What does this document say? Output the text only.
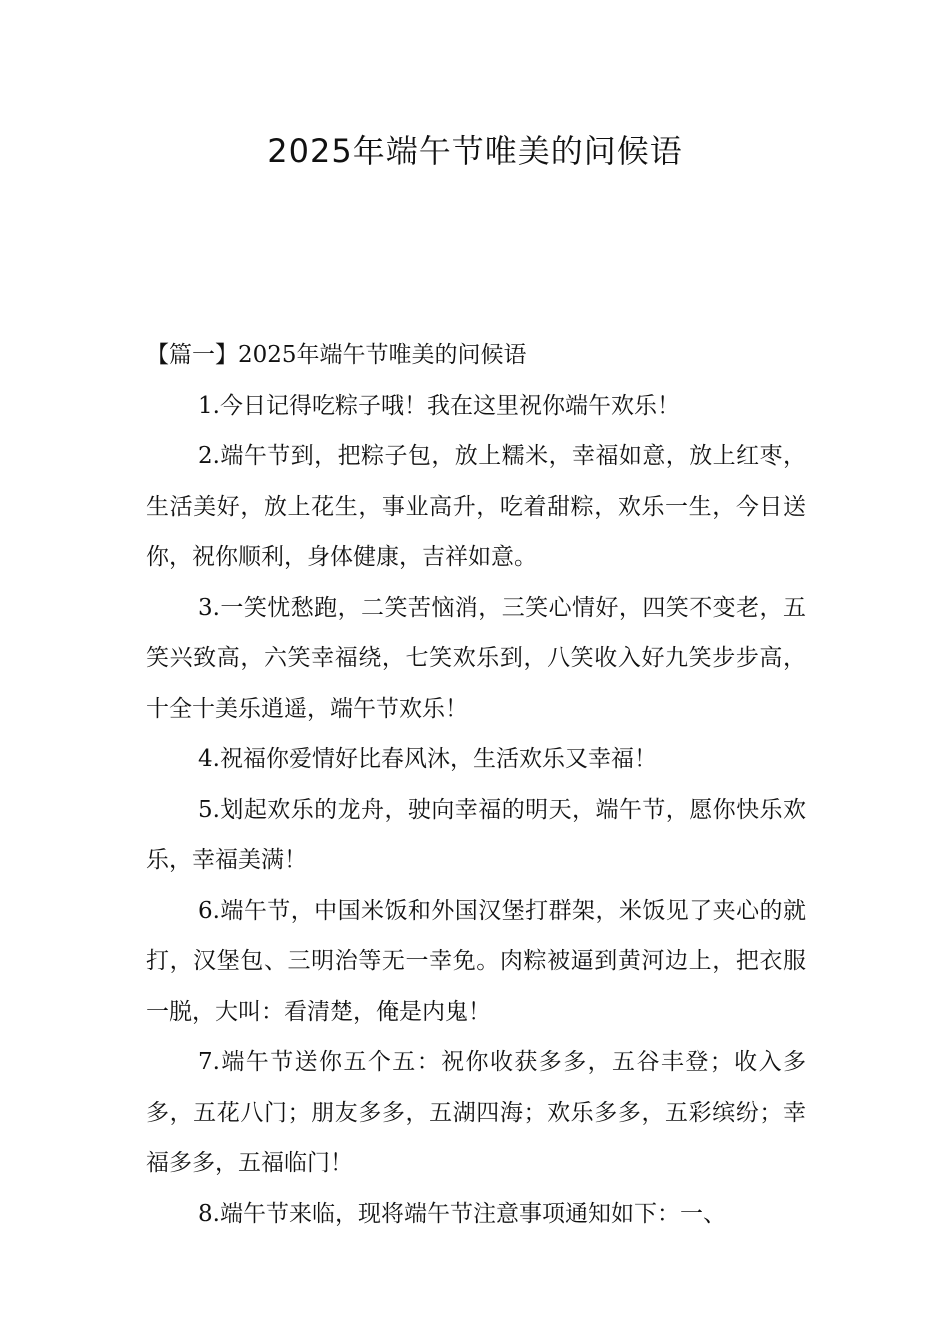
2025年端午节唯美的问候语

【篇一】2025年端午节唯美的问候语

1.今日记得吃粽子哦！我在这里祝你端午欢乐！

2.端午节到，把粽子包，放上糯米，幸福如意，放上红枣，生活美好，放上花生，事业高升，吃着甜粽，欢乐一生，今日送你，祝你顺利，身体健康，吉祥如意。

3.一笑忧愁跑，二笑苦恼消，三笑心情好，四笑不变老，五笑兴致高，六笑幸福绕，七笑欢乐到，八笑收入好九笑步步高，十全十美乐逍遥，端午节欢乐！

4.祝福你爱情好比春风沐，生活欢乐又幸福！

5.划起欢乐的龙舟，驶向幸福的明天，端午节，愿你快乐欢乐，幸福美满！

6.端午节，中国米饭和外国汉堡打群架，米饭见了夹心的就打，汉堡包、三明治等无一幸免。肉粽被逼到黄河边上，把衣服一脱，大叫：看清楚，俺是内鬼！

7.端午节送你五个五：祝你收获多多，五谷丰登；收入多多，五花八门；朋友多多，五湖四海；欢乐多多，五彩缤纷；幸福多多，五福临门！

8.端午节来临，现将端午节注意事项通知如下：一、
